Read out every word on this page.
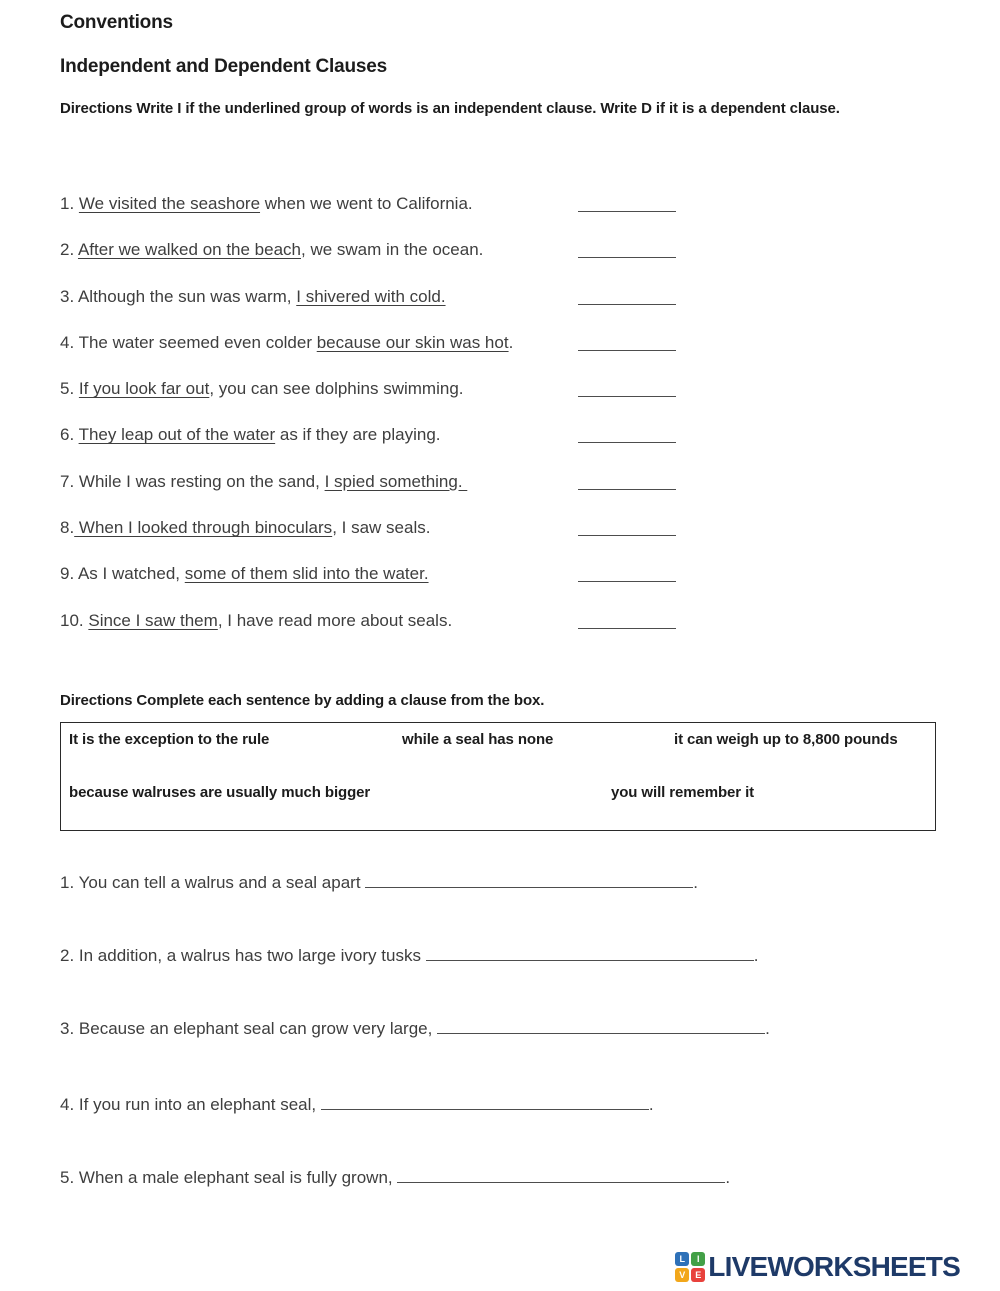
Conventions
Independent and Dependent Clauses
Directions Write I if the underlined group of words is an independent clause. Write D if it is a dependent clause.
1. We visited the seashore when we went to California.
2. After we walked on the beach, we swam in the ocean.
3. Although the sun was warm, I shivered with cold.
4. The water seemed even colder because our skin was hot.
5. If you look far out, you can see dolphins swimming.
6. They leap out of the water as if they are playing.
7. While I was resting on the sand, I spied something.
8. When I looked through binoculars, I saw seals.
9. As I watched, some of them slid into the water.
10. Since I saw them, I have read more about seals.
Directions Complete each sentence by adding a clause from the box.
It is the exception to the rule	while a seal has none	it can weigh up to 8,800 pounds
because walruses are usually much bigger	you will remember it
1. You can tell a walrus and a seal apart	.
2. In addition, a walrus has two large ivory tusks	.
3. Because an elephant seal can grow very large,	.
4. If you run into an elephant seal,	.
5. When a male elephant seal is fully grown,	.
L	I
V	E LIVEWORKSHEETS
